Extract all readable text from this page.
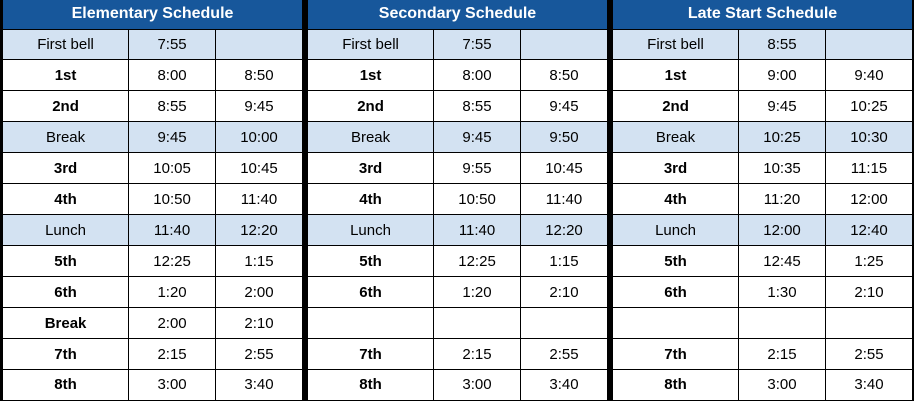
Elementary Schedule		
First bell	7:55	
1st	8:00	8:50
2nd	8:55	9:45
Break	9:45	10:00
3rd	10:05	10:45
4th	10:50	11:40
Lunch	11:40	12:20
5th	12:25	1:15
6th	1:20	2:00
Break	2:00	2:10
7th	2:15	2:55
8th	3:00	3:40
Secondary Schedule		
First bell	7:55	
1st	8:00	8:50
2nd	8:55	9:45
Break	9:45	9:50
3rd	9:55	10:45
4th	10:50	11:40
Lunch	11:40	12:20
5th	12:25	1:15
6th	1:20	2:10

7th	2:15	2:55
8th	3:00	3:40
Late Start Schedule		
First bell	8:55	
1st	9:00	9:40
2nd	9:45	10:25
Break	10:25	10:30
3rd	10:35	11:15
4th	11:20	12:00
Lunch	12:00	12:40
5th	12:45	1:25
6th	1:30	2:10

7th	2:15	2:55
8th	3:00	3:40
